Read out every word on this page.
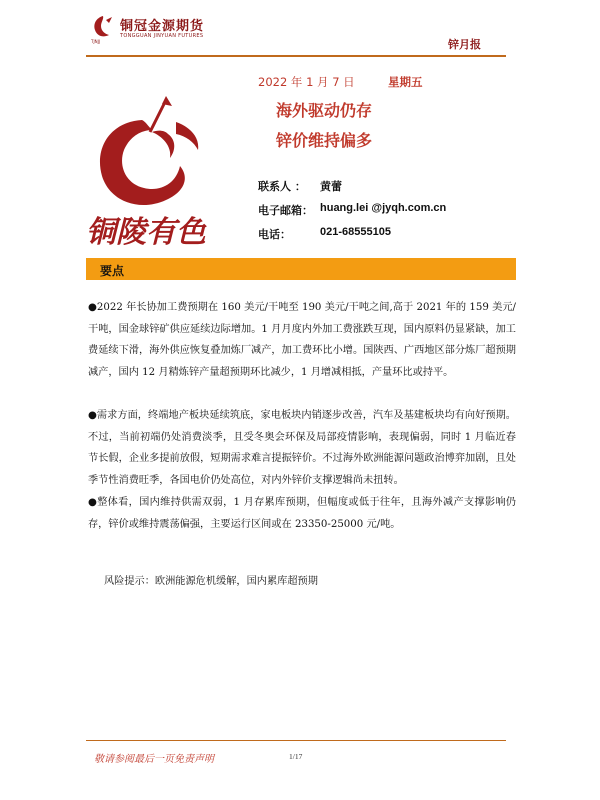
TJNJJ
铜冠金源期货
TONGGUAN JINYUAN FUTURES
锌月报
铜陵有色
2022 年 1 月 7 日	星期五
海外驱动仍存
锌价维持偏多
联系人 ： 黄蕾
电子邮箱： huang.lei @jyqh.com.cn
电话：	021-68555105
要点
●2022 年长协加工费预期在 160 美元/干吨至 190 美元/干吨之间,高于 2021 年的 159 美元/干吨，国金球锌矿供应延续边际增加。1 月月度内外加工费涨跌互现，国内原料仍显紧缺，加工费延续下滑，海外供应恢复叠加炼厂减产，加工费环比小增。国陕西、广西地区部分炼厂超预期减产，国内 12 月精炼锌产量超预期环比减少，1 月增减相抵，产量环比或持平。
●需求方面，终端地产板块延续筑底，家电板块内销逐步改善，汽车及基建板块均有向好预期。不过，当前初端仍处消费淡季，且受冬奥会环保及局部疫情影响，表现偏弱，同时 1 月临近春节长假，企业多提前放假，短期需求难言提振锌价。不过海外欧洲能源问题政治博弈加剧，且处季节性消费旺季，各国电价仍处高位，对内外锌价支撑逻辑尚未扭转。
●整体看，国内维持供需双弱，1 月存累库预期，但幅度或低于往年，且海外减产支撑影响仍存，锌价或维持震荡偏强，主要运行区间或在 23350-25000 元/吨。
风险提示：欧洲能源危机缓解，国内累库超预期
敬请参阅最后一页免责声明	1/17
